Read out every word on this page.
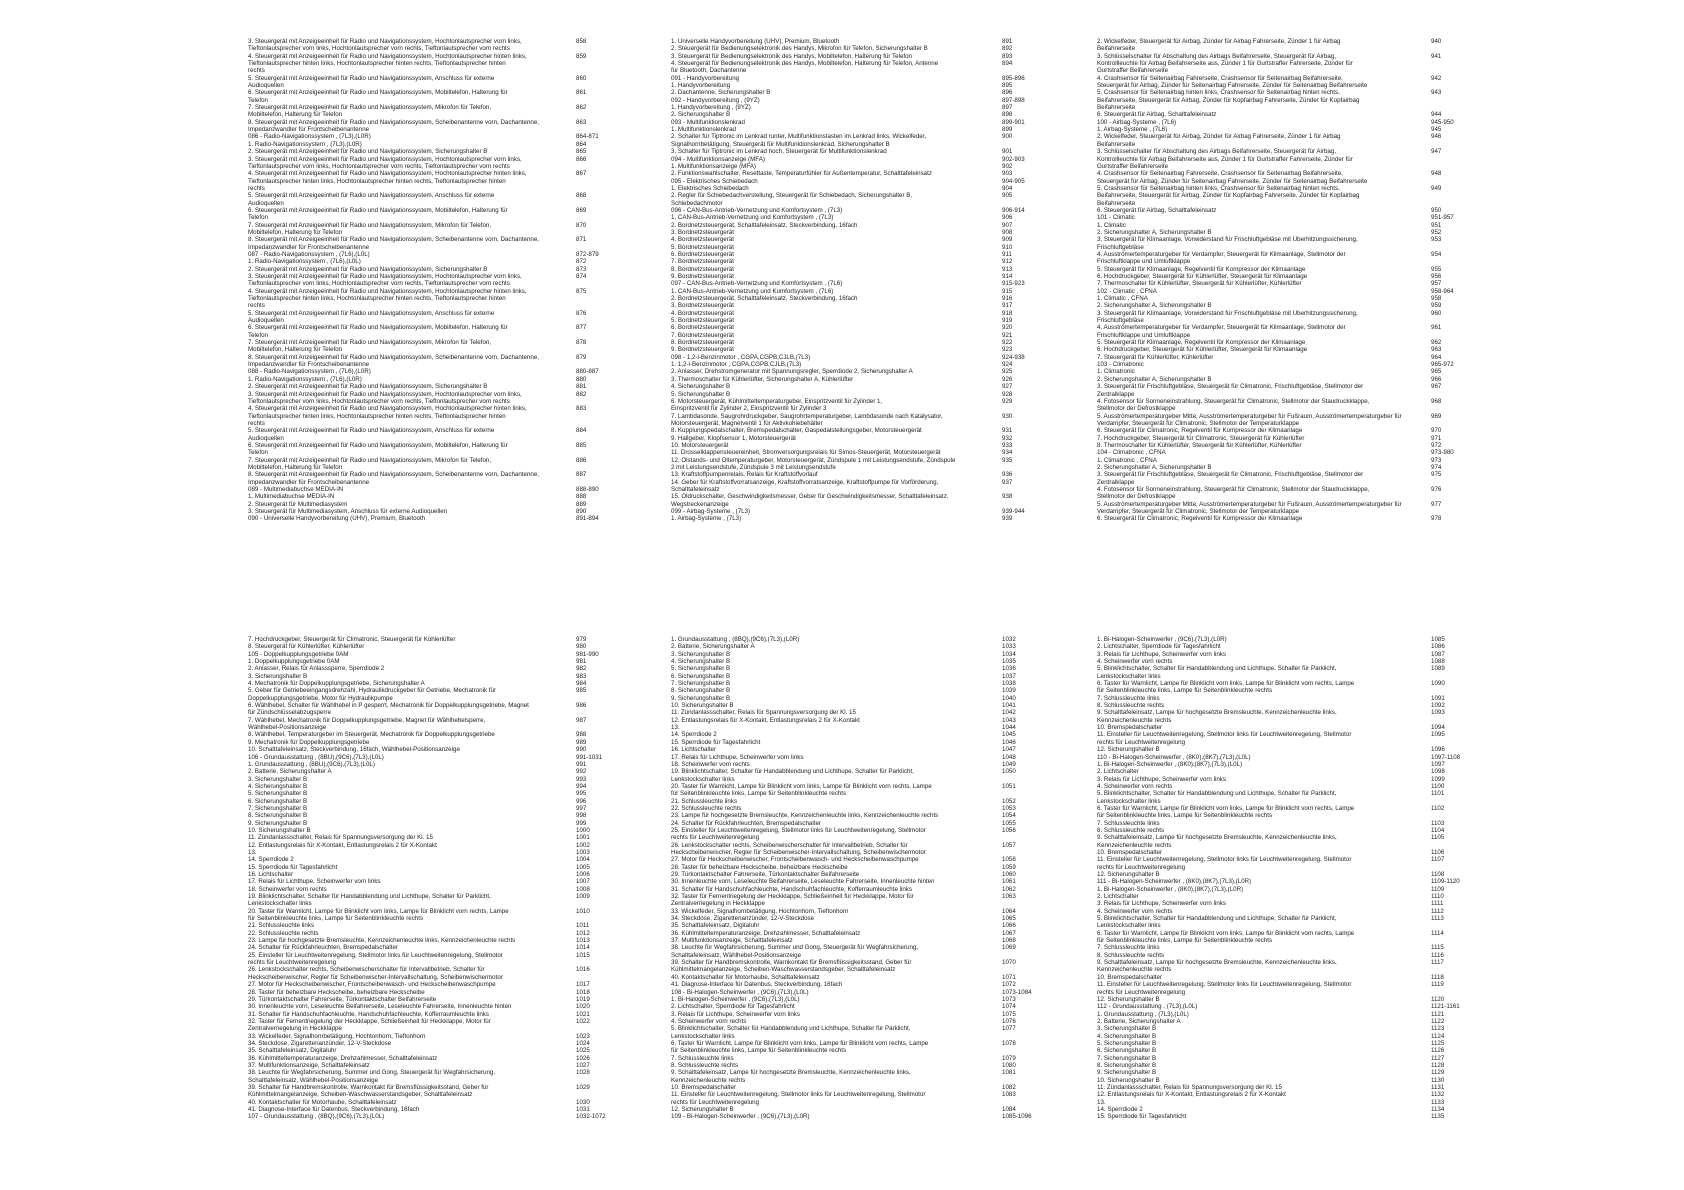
3. Steuergerät mit Anzeigeeinheit für Radio und Navigationssystem, Hochtonlautsprecher vorn links,	858
Tieftonlautsprecher vorn links, Hochtonlautsprecher vorn rechts, Tieftonlautsprecher vorn rechts
4. Steuergerät mit Anzeigeeinheit für Radio und Navigationssystem, Hochtonlautsprecher hinten links,	859
Tieftonlautsprecher hinten links, Hochtonlautsprecher hinten rechts, Tieftonlautsprecher hinten
rechts
5. Steuergerät mit Anzeigeeinheit für Radio und Navigationssystem, Anschluss für externe	860
Audioquellen
6. Steuergerät mit Anzeigeeinheit für Radio und Navigationssystem, Mobiltelefon, Halterung für	861
Telefon
7. Steuergerät mit Anzeigeeinheit für Radio und Navigationssystem, Mikrofon für Telefon,	862
Mobiltelefon, Halterung für Telefon
8. Steuergerät mit Anzeigeeinheit für Radio und Navigationssystem, Scheibenantenne vorn, Dachantenne,	863
Impedanzwandler für Frontscheibenantenne
086 - Radio-Navigationssystem , (7L3),(L0R)	864-871
1. Radio-Navigationssystem , (7L3),(L0R)	864
2. Steuergerät mit Anzeigeeinheit für Radio und Navigationssystem, Sicherungshalter B	865
3. Steuergerät mit Anzeigeeinheit für Radio und Navigationssystem, Hochtonlautsprecher vorn links,	866
Tieftonlautsprecher vorn links, Hochtonlautsprecher vorn rechts, Tieftonlautsprecher vorn rechts
4. Steuergerät mit Anzeigeeinheit für Radio und Navigationssystem, Hochtonlautsprecher hinten links,	867
Tieftonlautsprecher hinten links, Hochtonlautsprecher hinten rechts, Tieftonlautsprecher hinten
rechts
5. Steuergerät mit Anzeigeeinheit für Radio und Navigationssystem, Anschluss für externe	868
Audioquellen
6. Steuergerät mit Anzeigeeinheit für Radio und Navigationssystem, Mobiltelefon, Halterung für	869
Telefon
7. Steuergerät mit Anzeigeeinheit für Radio und Navigationssystem, Mikrofon für Telefon,	870
Mobiltelefon, Halterung für Telefon
8. Steuergerät mit Anzeigeeinheit für Radio und Navigationssystem, Scheibenantenne vorn, Dachantenne,	871
Impedanzwandler für Frontscheibenantenne
087 - Radio-Navigationssystem , (7L6),(L0L)	872-879
1. Radio-Navigationssystem , (7L6),(L0L)	872
2. Steuergerät mit Anzeigeeinheit für Radio und Navigationssystem, Sicherungshalter B	873
3. Steuergerät mit Anzeigeeinheit für Radio und Navigationssystem, Hochtonlautsprecher vorn links,	874
Tieftonlautsprecher vorn links, Hochtonlautsprecher vorn rechts, Tieftonlautsprecher vorn rechts
4. Steuergerät mit Anzeigeeinheit für Radio und Navigationssystem, Hochtonlautsprecher hinten links,	875
Tieftonlautsprecher hinten links, Hochtonlautsprecher hinten rechts, Tieftonlautsprecher hinten
rechts
5. Steuergerät mit Anzeigeeinheit für Radio und Navigationssystem, Anschluss für externe	876
Audioquellen
6. Steuergerät mit Anzeigeeinheit für Radio und Navigationssystem, Mobiltelefon, Halterung für	877
Telefon
7. Steuergerät mit Anzeigeeinheit für Radio und Navigationssystem, Mikrofon für Telefon,	878
Mobiltelefon, Halterung für Telefon
8. Steuergerät mit Anzeigeeinheit für Radio und Navigationssystem, Scheibenantenne vorn, Dachantenne,	879
Impedanzwandler für Frontscheibenantenne
088 - Radio-Navigationssystem , (7L6),(L0R)	880-887
1. Radio-Navigationssystem , (7L6),(L0R)	880
2. Steuergerät mit Anzeigeeinheit für Radio und Navigationssystem, Sicherungshalter B	881
3. Steuergerät mit Anzeigeeinheit für Radio und Navigationssystem, Hochtonlautsprecher vorn links,	882
Tieftonlautsprecher vorn links, Hochtonlautsprecher vorn rechts, Tieftonlautsprecher vorn rechts
4. Steuergerät mit Anzeigeeinheit für Radio und Navigationssystem, Hochtonlautsprecher hinten links,	883
Tieftonlautsprecher hinten links, Hochtonlautsprecher hinten rechts, Tieftonlautsprecher hinten
rechts
5. Steuergerät mit Anzeigeeinheit für Radio und Navigationssystem, Anschluss für externe	884
Audioquellen
6. Steuergerät mit Anzeigeeinheit für Radio und Navigationssystem, Mobiltelefon, Halterung für	885
Telefon
7. Steuergerät mit Anzeigeeinheit für Radio und Navigationssystem, Mikrofon für Telefon,	886
Mobiltelefon, Halterung für Telefon
8. Steuergerät mit Anzeigeeinheit für Radio und Navigationssystem, Scheibenantenne vorn, Dachantenne,	887
Impedanzwandler für Frontscheibenantenne
089 - Multimediabuchse MEDIA-IN	888-890
1. Multimediabuchse MEDIA-IN	888
2. Steuergerät für Multimediasystem	889
3. Steuergerät für Multimediasystem, Anschluss für externe Audioquellen	890
090 - Universelle Handyvorbereitung (UHV), Premium, Bluetooth	891-894
1. Universelle Handyvorbereitung (UHV), Premium, Bluetooth	891
2. Steuergerät für Bedienungselektronik des Handys, Mikrofon für Telefon, Sicherungshalter B	892
3. Steuergerät für Bedienungselektronik des Handys, Mobiltelefon, Halterung für Telefon	893
4. Steuergerät für Bedienungselektronik des Handys, Mobiltelefon, Halterung für Telefon, Antenne	894
für Bluetooth, Dachantenne
091 - Handyvorbereitung	895-896
1. Handyvorbereitung	895
2. Dachantenne, Sicherungshalter B	896
092 - Handyvorbereitung , (9YZ)	897-898
1. Handyvorbereitung , (9YZ)	897
2. Sicherungshalter B	898
093 - Multifunktionslenkrad	899-901
1. Multifunktionslenkrad	899
2. Schalter für Tiptronic im Lenkrad runter, Multifunktionstasten im Lenkrad links, Wickelfeder,	900
Signalhornbetätigung, Steuergerät für Multifunktionslenkrad, Sicherungshalter B
3. Schalter für Tiptronic im Lenkrad hoch, Steuergerät für Multifunktionslenkrad	901
094 - Multifunktionsanzeige (MFA)	902-903
1. Multifunktionsanzeige (MFA)	902
2. Funktionswahlschalter, Resettaste, Temperaturfühler für Außentemperatur, Schalttafeleinsatz	903
095 - Elektrisches Schiebedach	904-905
1. Elektrisches Schiebedach	904
2. Regler für Schiebedachverstellung, Steuergerät für Schiebedach, Sicherungshalter B,	905
Schiebedachmotor
096 - CAN-Bus-Antrieb-Vernetzung und Komfortsystem , (7L3)	906-914
1. CAN-Bus-Antrieb-Vernetzung und Komfortsystem , (7L3)	906
2. Bordnetzsteuergerät, Schalttafeleinsatz, Steckverbindung, 16fach	907
3. Bordnetzsteuergerät	908
4. Bordnetzsteuergerät	909
5. Bordnetzsteuergerät	910
6. Bordnetzsteuergerät	911
7. Bordnetzsteuergerät	912
8. Bordnetzsteuergerät	913
9. Bordnetzsteuergerät	914
097 - CAN-Bus-Antrieb-Vernetzung und Komfortsystem , (7L6)	915-923
1. CAN-Bus-Antrieb-Vernetzung und Komfortsystem , (7L6)	915
2. Bordnetzsteuergerät, Schalttafeleinsatz, Steckverbindung, 16fach	916
3. Bordnetzsteuergerät	917
4. Bordnetzsteuergerät	918
5. Bordnetzsteuergerät	919
6. Bordnetzsteuergerät	920
7. Bordnetzsteuergerät	921
8. Bordnetzsteuergerät	922
9. Bordnetzsteuergerät	923
098 - 1,2-l-Benzinmotor , CGPA,CGPB,CJLB,(7L3)	924-938
1. 1,2-l-Benzinmotor , CGPA,CGPB,CJLB,(7L3)	924
2. Anlasser, Drehstromgenerator mit Spannungsregler, Sperrdiode 2, Sicherungshalter A	925
3. Thermoschalter für Kühlerlüfter, Sicherungshalter A, Kühlerlüfter	926
4. Sicherungshalter B	927
5. Sicherungshalter B	928
6. Motorsteuergerät, Kühlmitteltemperaturgeber, Einspritzventil für Zylinder 1,	929
Einspritzventil für Zylinder 2, Einspritzventil für Zylinder 3
7. Lambdasonde, Saugrohrdruckgeber, Saugrohrtemperaturgeber, Lambdasonde nach Katalysator,	930
Motorsteuergerät, Magnetventil 1 für Aktivkohlebehälter
8. Kupplungspedalschalter, Bremspedalschalter, Gaspedalstellungsgeber, Motorsteuergerät	931
9. Hallgeber, Klopfsensor 1, Motorsteuergerät	932
10. Motorsteuergerät	933
11. Drosselklappensteuereinheit, Stromversorgungsrelais für Simos-Steuergerät, Motorsteuergerät	934
12. Ölstands- und Öltemperaturgeber, Motorsteuergerät, Zündspule 1 mit Leistungsendstufe, Zündspule	935
2 mit Leistungsendstufe, Zündspule 3 mit Leistungsendstufe
13. Kraftstoffpumpenrelais, Relais für Kraftstoffvorlauf	936
14. Geber für Kraftstoffvorratsanzeige, Kraftstoffvorratsanzeige, Kraftstoffpumpe für Vorförderung,	937
Schalttafeleinsatz
15. Öldruckschalter, Geschwindigkeitsmesser, Geber für Geschwindigkeitsmesser, Schalttafeleinsatz,	938
Wegstreckenanzeige
099 - Airbag-Systeme , (7L3)	939-944
1. Airbag-Systeme , (7L3)	939
2. Wickelfeder, Steuergerät für Airbag, Zünder für Airbag Fahrerseite, Zünder 1 für Airbag	940
Beifahrerseite
3. Schlüsselschalter für Abschaltung des Airbags Beifahrerseite, Steuergerät für Airbag,	941
Kontrollleuchte für Airbag Beifahrerseite aus, Zünder 1 für Gurtstraffer Fahrerseite, Zünder für
Gurtstraffer Beifahrerseite
4. Crashsensor für Seitenairbag Fahrerseite, Crashsensor für Seitenairbag Beifahrerseite,	942
Steuergerät für Airbag, Zünder für Seitenairbag Fahrerseite, Zünder für Seitenairbag Beifahrerseite
5. Crashsensor für Seitenairbag hinten links, Crashsensor für Seitenairbag hinten rechts,	943
Beifahrerseite, Steuergerät für Airbag, Zünder für Kopfairbag Fahrerseite, Zünder für Kopfairbag
Beifahrerseite
6. Steuergerät für Airbag, Schalttafeleinsatz	944
100 - Airbag-Systeme , (7L6)	945-950
1. Airbag-Systeme , (7L6)	945
2. Wickelfeder, Steuergerät für Airbag, Zünder für Airbag Fahrerseite, Zünder 1 für Airbag	946
Beifahrerseite
3. Schlüsselschalter für Abschaltung des Airbags Beifahrerseite, Steuergerät für Airbag,	947
Kontrollleuchte für Airbag Beifahrerseite aus, Zünder 1 für Gurtstraffer Fahrerseite, Zünder für
Gurtstraffer Beifahrerseite
4. Crashsensor für Seitenairbag Fahrerseite, Crashsensor für Seitenairbag Beifahrerseite,	948
Steuergerät für Airbag, Zünder für Seitenairbag Fahrerseite, Zünder für Seitenairbag Beifahrerseite
5. Crashsensor für Seitenairbag hinten links, Crashsensor für Seitenairbag hinten rechts,	949
Beifahrerseite, Steuergerät für Airbag, Zünder für Kopfairbag Fahrerseite, Zünder für Kopfairbag
Beifahrerseite
6. Steuergerät für Airbag, Schalttafeleinsatz	950
101 - Climatic	951-957
1. Climatic	951
2. Sicherungshalter A, Sicherungshalter B	952
3. Steuergerät für Klimaanlage, Vorwiderstand für Frischluftgebläse mit Überhitzungssicherung,	953
Frischluftgebläse
4. Ausströmertemperaturgeber für Verdampfer, Steuergerät für Klimaanlage, Stellmotor der	954
Frischluftklappe und Umluftklappe
5. Steuergerät für Klimaanlage, Regelventil für Kompressor der Klimaanlage	955
6. Hochdruckgeber, Steuergerät für Kühlerlüfter, Steuergerät für Klimaanlage	956
7. Thermoschalter für Kühlerlüfter, Steuergerät für Kühlerlüfter, Kühlerlüfter	957
102 - Climatic , CFNA	958-964
1. Climatic , CFNA	958
2. Sicherungshalter A, Sicherungshalter B	959
3. Steuergerät für Klimaanlage, Vorwiderstand für Frischluftgebläse mit Überhitzungssicherung,	960
Frischluftgebläse
4. Ausströmertemperaturgeber für Verdampfer, Steuergerät für Klimaanlage, Stellmotor der	961
Frischluftklappe und Umluftklappe
5. Steuergerät für Klimaanlage, Regelventil für Kompressor der Klimaanlage	962
6. Hochdruckgeber, Steuergerät für Kühlerlüfter, Steuergerät für Klimaanlage	963
7. Steuergerät für Kühlerlüfter, Kühlerlüfter	964
103 - Climatronic	965-972
1. Climatronic	965
2. Sicherungshalter A, Sicherungshalter B	966
3. Steuergerät für Frischluftgebläse, Steuergerät für Climatronic, Frischluftgebläse, Stellmotor der	967
Zentralklappe
4. Fotosensor für Sonneneinstrahlung, Steuergerät für Climatronic, Stellmotor der Staudruckklappe,	968
Stellmotor der Defrostklappe
5. Ausströmertemperaturgeber Mitte, Ausströmertemperaturgeber für Fußraum, Ausströmertemperaturgeber für	969
Verdampfer, Steuergerät für Climatronic, Stellmotor der Temperaturklappe
6. Steuergerät für Climatronic, Regelventil für Kompressor der Klimaanlage	970
7. Hochdruckgeber, Steuergerät für Climatronic, Steuergerät für Kühlerlüfter	971
8. Thermoschalter für Kühlerlüfter, Steuergerät für Kühlerlüfter, Kühlerlüfter	972
104 - Climatronic , CFNA	973-980
1. Climatronic , CFNA	973
2. Sicherungshalter A, Sicherungshalter B	974
3. Steuergerät für Frischluftgebläse, Steuergerät für Climatronic, Frischluftgebläse, Stellmotor der	975
Zentralklappe
4. Fotosensor für Sonneneinstrahlung, Steuergerät für Climatronic, Stellmotor der Staudruckklappe,	976
Stellmotor der Defrostklappe
5. Ausströmertemperaturgeber Mitte, Ausströmertemperaturgeber für Fußraum, Ausströmertemperaturgeber für	977
Verdampfer, Steuergerät für Climatronic, Stellmotor der Temperaturklappe
6. Steuergerät für Climatronic, Regelventil für Kompressor der Klimaanlage	978
7. Hochdruckgeber, Steuergerät für Climatronic, Steuergerät für Kühlerlüfter	979
8. Steuergerät für Kühlerlüfter, Kühlerlüfter	980
105 - Doppelkupplungsgetriebe 0AM	981-990
1. Doppelkupplungsgetriebe 0AM	981
2. Anlasser, Relais für Anlasssperre, Sperrdiode 2	982
3. Sicherungshalter B	983
4. Mechatronik für Doppelkupplungsgetriebe, Sicherungshalter A	984
5. Geber für Getriebeeingangsdrehzahl, Hydraulikdruckgeber für Getriebe, Mechatronik für	985
Doppelkupplungsgetriebe, Motor für Hydraulikpumpe
6. Wählhebel, Schalter für Wählhebel in P gesperrt, Mechatronik für Doppelkupplungsgetriebe, Magnet	986
für Zündschlüsselabzugsperre
7. Wählhebel, Mechatronik für Doppelkupplungsgetriebe, Magnet für Wählhebelsperre,	987
Wählhebel-Positionsanzeige
8. Wählhebel, Temperaturgeber im Steuergerät, Mechatronik für Doppelkupplungsgetriebe	988
9. Mechatronik für Doppelkupplungsgetriebe	989
10. Schalttafeleinsatz, Steckverbindung, 16fach, Wählhebel-Positionsanzeige	990
106 - Grundausstattung , (8BU),(9C6),(7L3),(L0L)	991-1031
1. Grundausstattung , (8BU),(9C6),(7L3),(L0L)	991
2. Batterie, Sicherungshalter A	992
3. Sicherungshalter B	993
4. Sicherungshalter B	994
5. Sicherungshalter B	995
6. Sicherungshalter B	996
7. Sicherungshalter B	997
8. Sicherungshalter B	998
9. Sicherungshalter B	999
10. Sicherungshalter B	1000
11. Zündanlassschalter, Relais für Spannungsversorgung der Kl. 15	1001
12. Entlastungsrelais für X-Kontakt, Entlastungsrelais 2 für X-Kontakt	1002
13.	1003
14. Sperrdiode 2	1004
15. Sperrdiode für Tagesfahrlicht	1005
16. Lichtschalter	1006
17. Relais für Lichthupe, Scheinwerfer vorn links	1007
18. Scheinwerfer vorn rechts	1008
19. Blinklichtschalter, Schalter für Handabblendung und Lichthupe, Schalter für Parklicht,	1009
Lenkstockschalter links
20. Taster für Warnlicht, Lampe für Blinklicht vorn links, Lampe für Blinklicht vorn rechts, Lampe	1010
für Seitenblinkleuchte links, Lampe für Seitenblinkleuchte rechts
21. Schlussleuchte links	1011
22. Schlussleuchte rechts	1012
23. Lampe für hochgesetzte Bremsleuchte, Kennzeichenleuchte links, Kennzeichenleuchte rechts	1013
24. Schalter für Rückfahrleuchten, Bremspedalschalter	1014
25. Einsteller für Leuchtweitenregelung, Stellmotor links für Leuchtweitenregelung, Stellmotor	1015
rechts für Leuchtweitenregelung
26. Lenkstockschalter rechts, Scheibenwischerschalter für Intervallbetrieb, Schalter für	1016
Heckscheibenwischer, Regler für Scheibenwischer-Intervallschaltung, Scheibenwischermotor
27. Motor für Heckscheibenwischer, Frontscheibenwasch- und Heckscheibenwaschpumpe	1017
28. Taster für beheizbare Heckscheibe, beheizbare Heckscheibe	1018
29. Türkontaktschalter Fahrerseite, Türkontaktschalter Beifahrerseite	1019
30. Innenleuchte vorn, Leseleuchte Beifahrerseite, Leseleuchte Fahrerseite, Innenleuchte hinten	1020
31. Schalter für Handschuhfachleuchte, Handschuhfachleuchte, Kofferraumleuchte links	1021
32. Taster für Fernentriegelung der Heckklappe, Schließeinheit für Heckklappe, Motor für	1022
Zentralverriegelung in Heckklappe
33. Wickelfeder, Signalhornbetätigung, Hochtonhorn, Tieftonhorn	1023
34. Steckdose, Zigarettenanzünder, 12-V-Steckdose	1024
35. Schalttafeleinsatz, Digitaluhr	1025
36. Kühlmitteltemperaturanzeige, Drehzahlmesser, Schalttafeleinsatz	1026
37. Multifunktionsanzeige, Schalttafeleinsatz	1027
38. Leuchte für Wegfahrsicherung, Summer und Gong, Steuergerät für Wegfahrsicherung,	1028
Schalttafeleinsatz, Wählhebel-Positionsanzeige
39. Schalter für Handbremskontrolle, Warnkontakt für Bremsflüssigkeitsstand, Geber für	1029
Kühlmittelmangelanzeige, Scheiben-Waschwasserstandsgeber, Schalttafeleinsatz
40. Kontaktschalter für Motorhaube, Schalttafeleinsatz	1030
41. Diagnose-Interface für Datenbus, Steckverbindung, 16fach	1031
107 - Grundausstattung , (8BQ),(9C6),(7L3),(L0L)	1032-1072
1. Grundausstattung , (8BQ),(9C6),(7L3),(L0R)	1032
2. Batterie, Sicherungshalter A	1033
3. Sicherungshalter B	1034
4. Sicherungshalter B	1035
5. Sicherungshalter B	1036
6. Sicherungshalter B	1037
7. Sicherungshalter B	1038
8. Sicherungshalter B	1039
9. Sicherungshalter B	1040
10. Sicherungshalter B	1041
11. Zündanlassschalter, Relais für Spannungsversorgung der Kl. 15	1042
12. Entlastungsrelais für X-Kontakt, Entlastungsrelais 2 für X-Kontakt	1043
13.	1044
14. Sperrdiode 2	1045
15. Sperrdiode für Tagesfahrlicht	1046
16. Lichtschalter	1047
17. Relais für Lichthupe, Scheinwerfer vorn links	1048
18. Scheinwerfer vorn rechts	1049
19. Blinklichtschalter, Schalter für Handabblendung und Lichthupe, Schalter für Parklicht,	1050
Lenkstockschalter links
20. Taster für Warnlicht, Lampe für Blinklicht vorn links, Lampe für Blinklicht vorn rechts, Lampe	1051
für Seitenblinkleuchte links, Lampe für Seitenblinkleuchte rechts
21. Schlussleuchte links	1052
22. Schlussleuchte rechts	1053
23. Lampe für hochgesetzte Bremsleuchte, Kennzeichenleuchte links, Kennzeichenleuchte rechts	1054
24. Schalter für Rückfahrleuchten, Bremspedalschalter	1055
25. Einsteller für Leuchtweitenregelung, Stellmotor links für Leuchtweitenregelung, Stellmotor	1056
rechts für Leuchtweitenregelung
26. Lenkstockschalter rechts, Scheibenwischerschalter für Intervallbetrieb, Schalter für	1057
Heckscheibenwischer, Regler für Scheibenwischer-Intervallschaltung, Scheibenwischermotor
27. Motor für Heckscheibenwischer, Frontscheibenwasch- und Heckscheibenwaschpumpe	1058
28. Taster für beheizbare Heckscheibe, beheizbare Heckscheibe	1059
29. Türkontaktschalter Fahrerseite, Türkontaktschalter Beifahrerseite	1060
30. Innenleuchte vorn, Leseleuchte Beifahrerseite, Leseleuchte Fahrerseite, Innenleuchte hinten	1061
31. Schalter für Handschuhfachleuchte, Handschuhfachleuchte, Kofferraumleuchte links	1062
32. Taster für Fernentriegelung der Heckklappe, Schließeinheit für Heckklappe, Motor für	1063
Zentralverriegelung in Heckklappe
33. Wickelfeder, Signalhornbetätigung, Hochtonhorn, Tieftonhorn	1064
34. Steckdose, Zigarettenanzünder, 12-V-Steckdose	1065
35. Schalttafeleinsatz, Digitaluhr	1066
36. Kühlmitteltemperaturanzeige, Drehzahlmesser, Schalttafeleinsatz	1067
37. Multifunktionsanzeige, Schalttafeleinsatz	1068
38. Leuchte für Wegfahrsicherung, Summer und Gong, Steuergerät für Wegfahrsicherung,	1069
Schalttafeleinsatz, Wählhebel-Positionsanzeige
39. Schalter für Handbremskontrolle, Warnkontakt für Bremsflüssigkeitsstand, Geber für	1070
Kühlmittelmangelanzeige, Scheiben-Waschwasserstandsgeber, Schalttafeleinsatz
40. Kontaktschalter für Motorhaube, Schalttafeleinsatz	1071
41. Diagnose-Interface für Datenbus, Steckverbindung, 16fach	1072
108 - Bi-Halogen-Scheinwerfer , (9C6),(7L3),(L0L)	1073-1084
1. Bi-Halogen-Scheinwerfer , (9C6),(7L3),(L0L)	1073
2. Lichtschalter, Sperrdiode für Tagesfahrlicht	1074
3. Relais für Lichthupe, Scheinwerfer vorn links	1075
4. Scheinwerfer vorn rechts	1076
5. Blinklichtschalter, Schalter für Handabblendung und Lichthupe, Schalter für Parklicht,	1077
Lenkstockschalter links
6. Taster für Warnlicht, Lampe für Blinklicht vorn links, Lampe für Blinklicht vorn rechts, Lampe	1078
für Seitenblinkleuchte links, Lampe für Seitenblinkleuchte rechts
7. Schlussleuchte links	1079
8. Schlussleuchte rechts	1080
9. Schalttafeleinsatz, Lampe für hochgesetzte Bremsleuchte, Kennzeichenleuchte links,	1081
Kennzeichenleuchte rechts
10. Bremspedalschalter	1082
11. Einsteller für Leuchtweitenregelung, Stellmotor links für Leuchtweitenregelung, Stellmotor	1083
rechts für Leuchtweitenregelung
12. Sicherungshalter B	1084
109 - Bi-Halogen-Scheinwerfer , (9C6),(7L3),(L0R)	1085-1096
1. Bi-Halogen-Scheinwerfer , (9C6),(7L3),(L0R)	1085
2. Lichtschalter, Sperrdiode für Tagesfahrlicht	1086
3. Relais für Lichthupe, Scheinwerfer vorn links	1087
4. Scheinwerfer vorn rechts	1088
5. Blinklichtschalter, Schalter für Handabblendung und Lichthupe, Schalter für Parklicht,	1089
Lenkstockschalter links
6. Taster für Warnlicht, Lampe für Blinklicht vorn links, Lampe für Blinklicht vorn rechts, Lampe	1090
für Seitenblinkleuchte links, Lampe für Seitenblinkleuchte rechts
7. Schlussleuchte links	1091
8. Schlussleuchte rechts	1092
9. Schalttafeleinsatz, Lampe für hochgesetzte Bremsleuchte, Kennzeichenleuchte links,	1093
Kennzeichenleuchte rechts
10. Bremspedalschalter	1094
11. Einsteller für Leuchtweitenregelung, Stellmotor links für Leuchtweitenregelung, Stellmotor	1095
rechts für Leuchtweitenregelung
12. Sicherungshalter B	1096
110 - Bi-Halogen-Scheinwerfer , (8K0),(8K7),(7L3),(L0L)	1097-1108
1. Bi-Halogen-Scheinwerfer , (8K0),(8K7),(7L3),(L0L)	1097
2. Lichtschalter	1098
3. Relais für Lichthupe, Scheinwerfer vorn links	1099
4. Scheinwerfer vorn rechts	1100
5. Blinklichtschalter, Schalter für Handabblendung und Lichthupe, Schalter für Parklicht,	1101
Lenkstockschalter links
6. Taster für Warnlicht, Lampe für Blinklicht vorn links, Lampe für Blinklicht vorn rechts, Lampe	1102
für Seitenblinkleuchte links, Lampe für Seitenblinkleuchte rechts
7. Schlussleuchte links	1103
8. Schlussleuchte rechts	1104
9. Schalttafeleinsatz, Lampe für hochgesetzte Bremsleuchte, Kennzeichenleuchte links,	1105
Kennzeichenleuchte rechts
10. Bremspedalschalter	1106
11. Einsteller für Leuchtweitenregelung, Stellmotor links für Leuchtweitenregelung, Stellmotor	1107
rechts für Leuchtweitenregelung
12. Sicherungshalter B	1108
111 - Bi-Halogen-Scheinwerfer , (8K0),(8K7),(7L3),(L0R)	1109-1120
1. Bi-Halogen-Scheinwerfer , (8K0),(8K7),(7L3),(L0R)	1109
2. Lichtschalter	1110
3. Relais für Lichthupe, Scheinwerfer vorn links	1111
4. Scheinwerfer vorn rechts	1112
5. Blinklichtschalter, Schalter für Handabblendung und Lichthupe, Schalter für Parklicht,	1113
Lenkstockschalter links
6. Taster für Warnlicht, Lampe für Blinklicht vorn links, Lampe für Blinklicht vorn rechts, Lampe	1114
für Seitenblinkleuchte links, Lampe für Seitenblinkleuchte rechts
7. Schlussleuchte links	1115
8. Schlussleuchte rechts	1116
9. Schalttafeleinsatz, Lampe für hochgesetzte Bremsleuchte, Kennzeichenleuchte links,	1117
Kennzeichenleuchte rechts
10. Bremspedalschalter	1118
11. Einsteller für Leuchtweitenregelung, Stellmotor links für Leuchtweitenregelung, Stellmotor	1119
rechts für Leuchtweitenregelung
12. Sicherungshalter B	1120
112 - Grundausstattung , (7L3),(L0L)	1121-1161
1. Grundausstattung , (7L3),(L0L)	1121
2. Batterie, Sicherungshalter A	1122
3. Sicherungshalter B	1123
4. Sicherungshalter B	1124
5. Sicherungshalter B	1125
6. Sicherungshalter B	1126
7. Sicherungshalter B	1127
8. Sicherungshalter B	1128
9. Sicherungshalter B	1129
10. Sicherungshalter B	1130
11. Zündanlassschalter, Relais für Spannungsversorgung der Kl. 15	1131
12. Entlastungsrelais für X-Kontakt, Entlastungsrelais 2 für X-Kontakt	1132
13.	1133
14. Sperrdiode 2	1134
15. Sperrdiode für Tagesfahrlicht	1135
